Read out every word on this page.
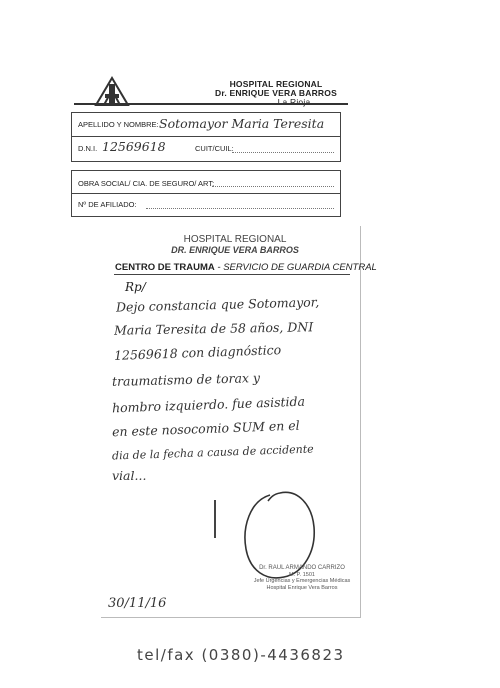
HOSPITAL REGIONAL
Dr. ENRIQUE VERA BARROS
La Rioja
APELLIDO Y NOMBRE: Sotomayor Maria Teresita
D.N.I. 12569618	CUIT/CUIL:
OBRA SOCIAL/ CIA. DE SEGURO/ ART:
Nº DE AFILIADO:
HOSPITAL REGIONAL
DR. ENRIQUE VERA BARROS
CENTRO DE TRAUMA - SERVICIO DE GUARDIA CENTRAL
Rp/
Dejo constancia que Sotomayor,
Maria Teresita de 58 años, DNI
12569618 con diagnóstico
traumatismo de torax y
hombro izquierdo. fue asistida
en este nosocomio SUM en el
dia de la fecha a causa de accidente
vial...
Dr. RAUL ARMANDO CARRIZO
M. P. 1501
Jefe Urgencias y Emergencias Médicas
Hospital Enrique Vera Barros
30/11/16
tel/fax (0380)-4436823
